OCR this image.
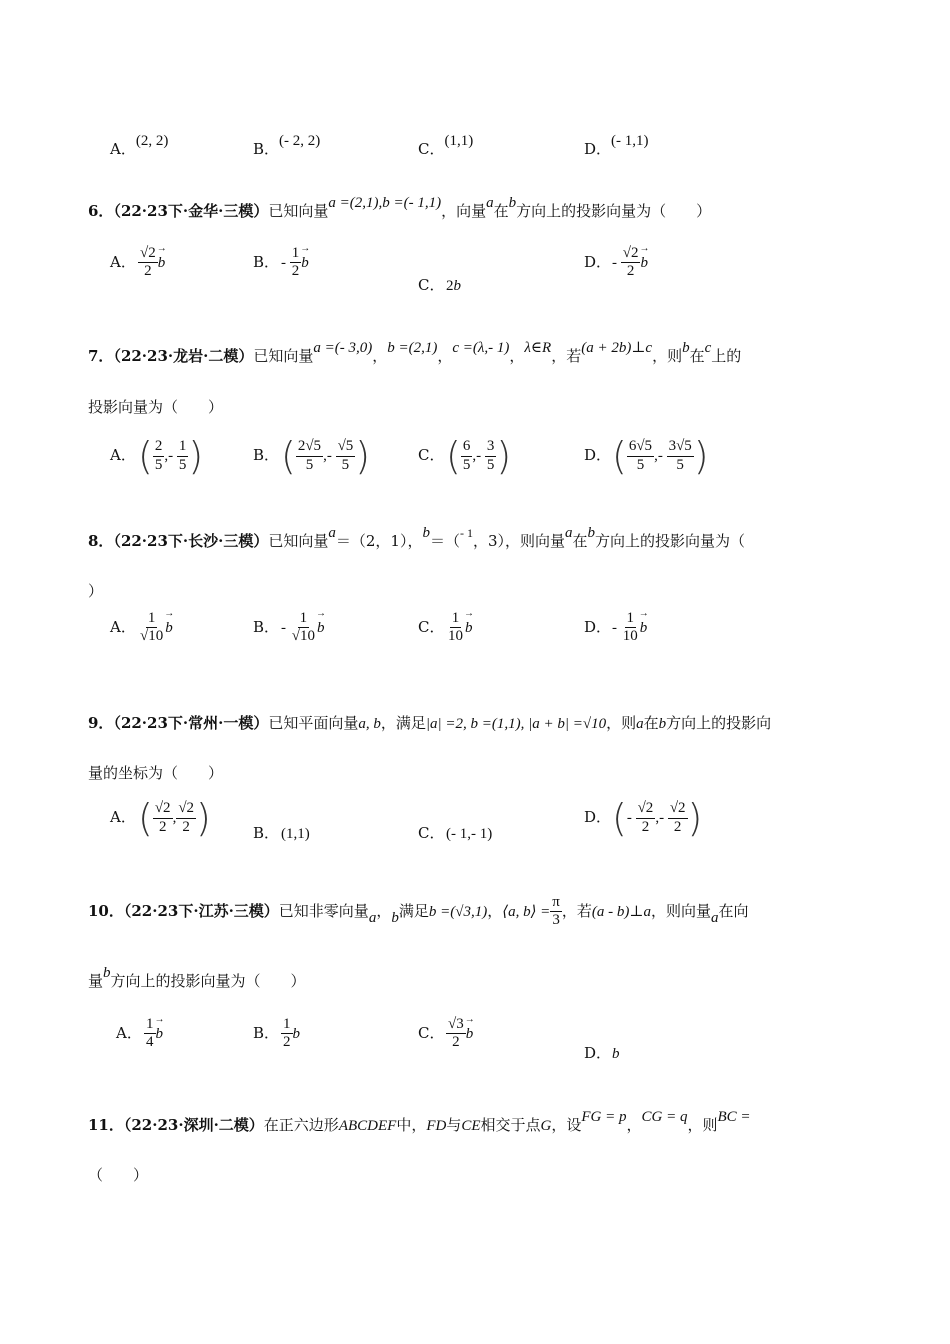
A．(2, 2)	B．(- 2, 2)	C．(1,1)	D．(- 1,1)
6．（22·23下·金华·三模）已知向量a =(2,1),b =(- 1,1)，向量a在b方向上的投影向量为（　　）
A． $\frac{√2}{2}$
→ b	B． - $\frac{1}{2}$
→ b
C． 2b
D．- $\frac{√2}{2}$
→ b
7．（22·23·龙岩·二模）已知向量a =(- 3,0)，b =(2,1)，c =(λ,- 1)，λ∈R，若(a + 2b)⊥c，则b在c上的
投影向量为（　　）
A．( $\frac{2}{5}$ ,- $\frac{1}{5}$ )	B．( $\frac{2√5}{5}$ ,- $\frac{√5}{5}$ )	C．( $\frac{6}{5}$ ,- $\frac{3}{5}$ )	D．( $\frac{6√5}{5}$ ,- $\frac{3√5}{5}$ )
8．（22·23下·长沙·三模）已知向量a＝（2，1），b＝（$^{- 1}$，3），则向量a在b方向上的投影向量为（
）
A． $\frac{1}{√10}$
→ b	B． - $\frac{1}{√10}$
→ b	C． $\frac{1}{10}$
→ b	D．- $\frac{1}{10}$
→ b
9．（22·23下·常州·一模）已知平面向量a, b，满足|a| =2, b =(1,1), |a + b| =√10，则a在b方向上的投影向
量的坐标为（　　）
A．( $\frac{√2}{2}$ , $\frac{√2}{2}$ )	B． (1,1)	C． (- 1,- 1)
D．(- $\frac{√2}{2}$ ,- $\frac{√2}{2}$ )
10．（22·23下·江苏·三模）已知非零向量a，b满足b =(√3,1)，⟨a, b⟩ = $\frac{\pi}{3}$ ，若(a - b)⊥a，则向量a在向
量b方向上的投影向量为（　　）
A． $\frac{1}{4}$
→ b	B． $\frac{1}{2}$ b	C． $\frac{√3}{2}$
→ b
D．b
11．（22·23·深圳·二模）在正六边形ABCDEF中，FD与CE相交于点G，设FG = p，CG = q，则BC =
（　　）
